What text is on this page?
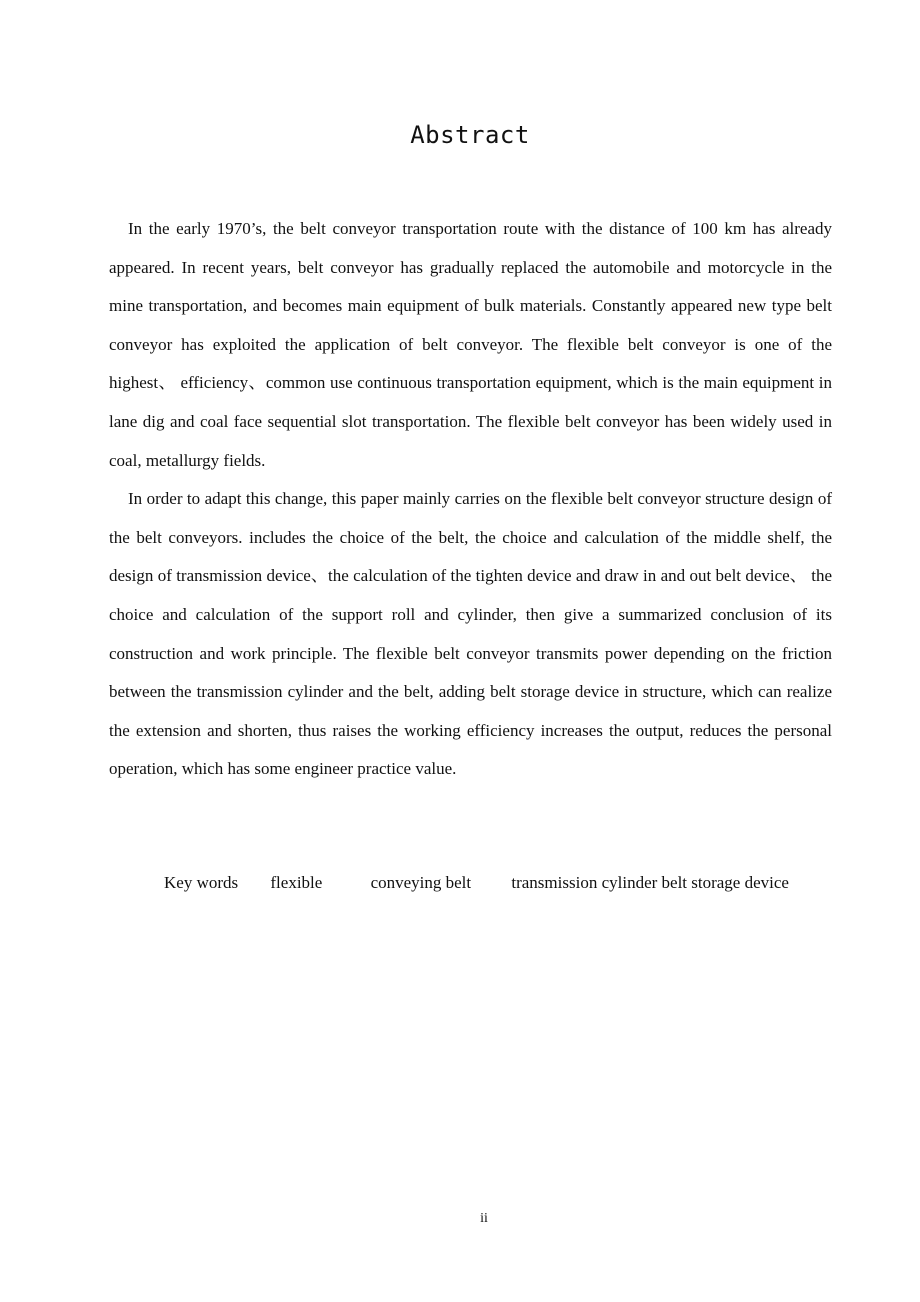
Abstract

In the early 1970’s, the belt conveyor transportation route with the distance of 100 km has already appeared. In recent years, belt conveyor has gradually replaced the automobile and motorcycle in the mine transportation, and becomes main equipment of bulk materials. Constantly appeared new type belt conveyor has exploited the application of belt conveyor. The flexible belt conveyor is one of the highest、 efficiency、common use continuous transportation equipment, which is the main equipment in lane dig and coal face sequential slot transportation. The flexible belt conveyor has been widely used in coal, metallurgy fields.

In order to adapt this change, this paper mainly carries on the flexible belt conveyor structure design of the belt conveyors. includes the choice of the belt, the choice and calculation of the middle shelf, the design of transmission device、the calculation of the tighten device and draw in and out belt device、 the choice and calculation of the support roll and cylinder, then give a summarized conclusion of its construction and work principle. The flexible belt conveyor transmits power depending on the friction between the transmission cylinder and the belt, adding belt storage device in structure, which can realize the extension and shorten, thus raises the working efficiency increases the output, reduces the personal operation, which has some engineer practice value.

Key words flexible	conveying belt transmission cylinder belt storage device
ii
